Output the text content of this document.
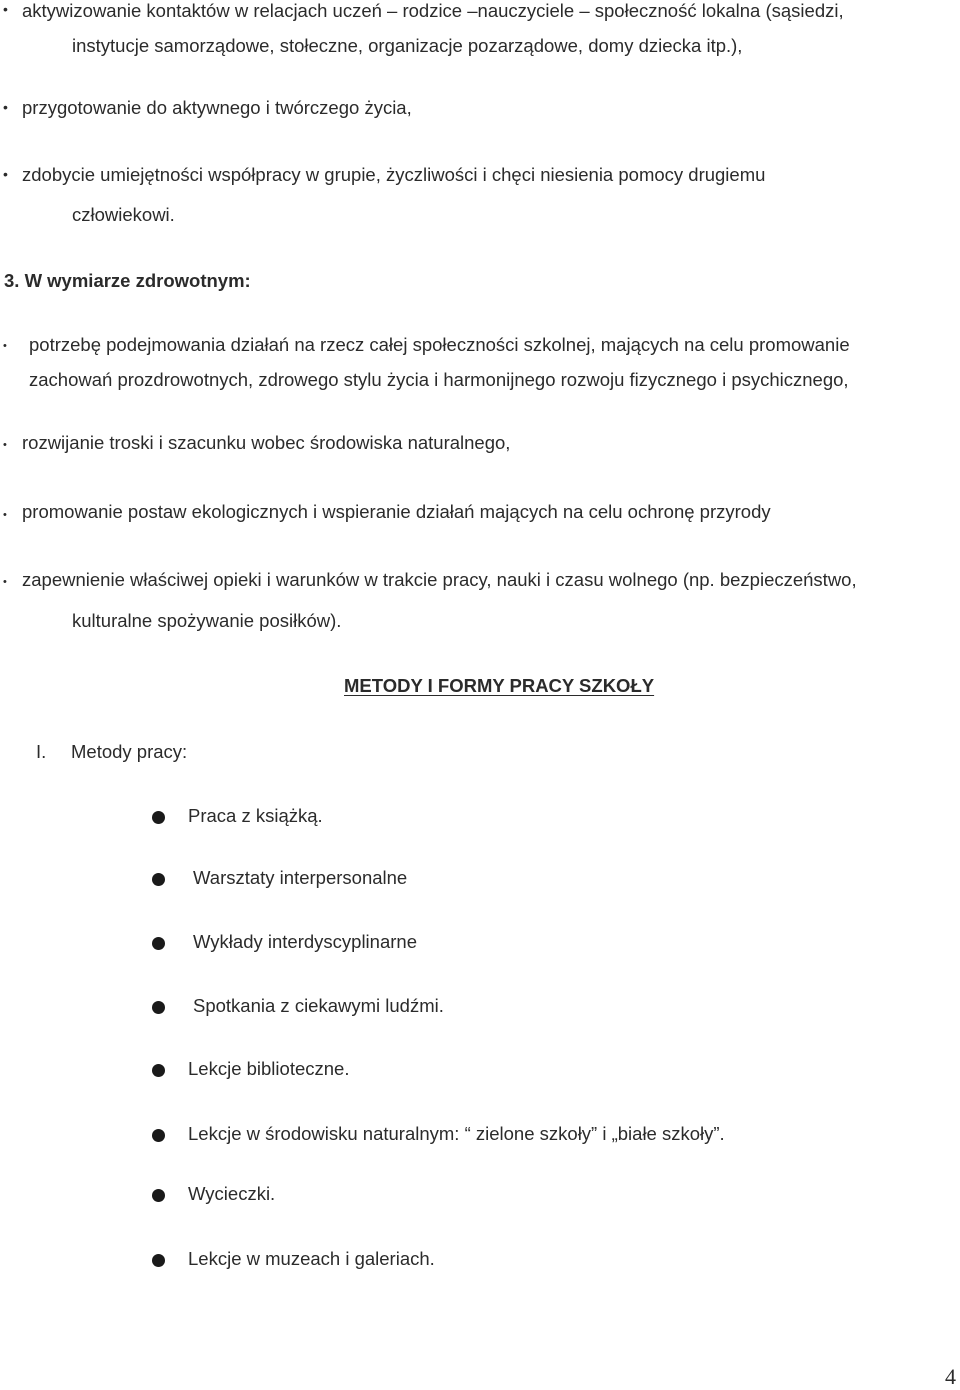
• aktywizowanie kontaktów w relacjach uczeń – rodzice –nauczyciele – społeczność lokalna (sąsiedzi,
instytucje samorządowe, stołeczne, organizacje pozarządowe, domy dziecka itp.),
• przygotowanie do aktywnego i twórczego życia,
• zdobycie umiejętności współpracy w grupie, życzliwości i chęci niesienia pomocy drugiemu
człowiekowi.
3. W wymiarze zdrowotnym:
• potrzebę podejmowania działań na rzecz całej społeczności szkolnej, mających na celu promowanie
zachowań prozdrowotnych, zdrowego stylu życia i harmonijnego rozwoju fizycznego i psychicznego,
• rozwijanie troski i szacunku wobec środowiska naturalnego,
• promowanie postaw ekologicznych i wspieranie działań mających na celu ochronę przyrody
• zapewnienie właściwej opieki i warunków w trakcie pracy, nauki i czasu wolnego (np. bezpieczeństwo,
kulturalne spożywanie posiłków).
METODY I FORMY PRACY SZKOŁY
I. Metody pracy:
Praca z książką.
Warsztaty interpersonalne
Wykłady interdyscyplinarne
Spotkania z ciekawymi ludźmi.
Lekcje biblioteczne.
Lekcje w środowisku naturalnym: “ zielone szkoły” i „białe szkoły”.
Wycieczki.
Lekcje w muzeach i galeriach.
4
